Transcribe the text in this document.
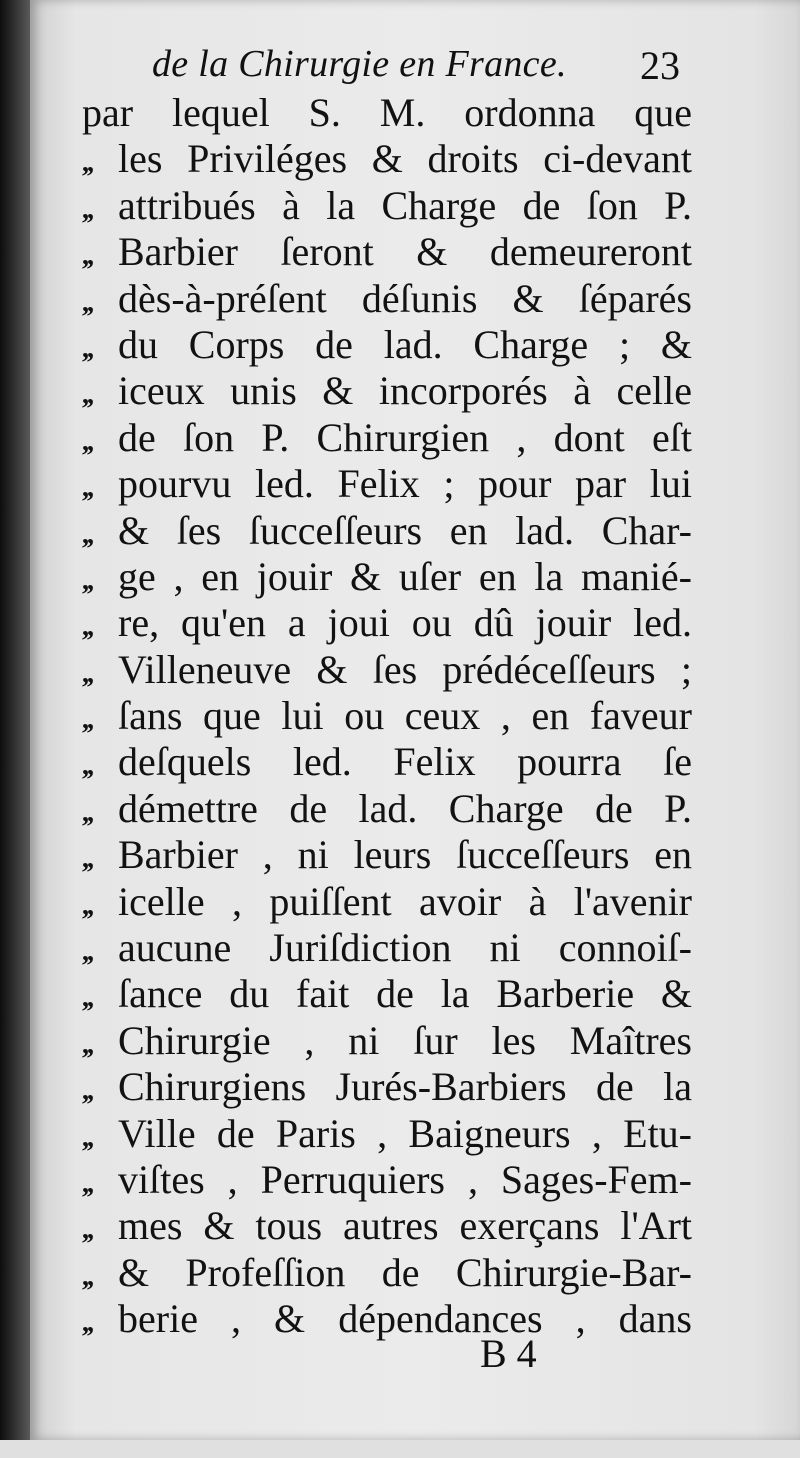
de la Chirurgie en France. 23
par lequel S. M. ordonna que
,, les Priviléges & droits ci-devant
,, attribués à la Charge de ſon P.
,, Barbier ſeront & demeureront
,, dès-à-préſent déſunis & ſéparés
,, du Corps de lad. Charge ; &
,, iceux unis & incorporés à celle
,, de ſon P. Chirurgien , dont eſt
,, pourvu led. Felix ; pour par lui
,, & ſes ſucceſſeurs en lad. Char-
,, ge , en jouir & uſer en la manié-
,, re, qu'en a joui ou dû jouir led.
,, Villeneuve & ſes prédéceſſeurs ;
,, ſans que lui ou ceux , en faveur
,, deſquels led. Felix pourra ſe
,, démettre de lad. Charge de P.
,, Barbier , ni leurs ſucceſſeurs en
,, icelle , puiſſent avoir à l'avenir
,, aucune Juriſdiction ni connoiſ-
,, ſance du fait de la Barberie &
,, Chirurgie , ni ſur les Maîtres
,, Chirurgiens Jurés-Barbiers de la
,, Ville de Paris , Baigneurs , Etu-
,, viſtes , Perruquiers , Sages-Fem-
,, mes & tous autres exerçans l'Art
,, & Profeſſion de Chirurgie-Bar-
,, berie , & dépendances , dans
B 4
